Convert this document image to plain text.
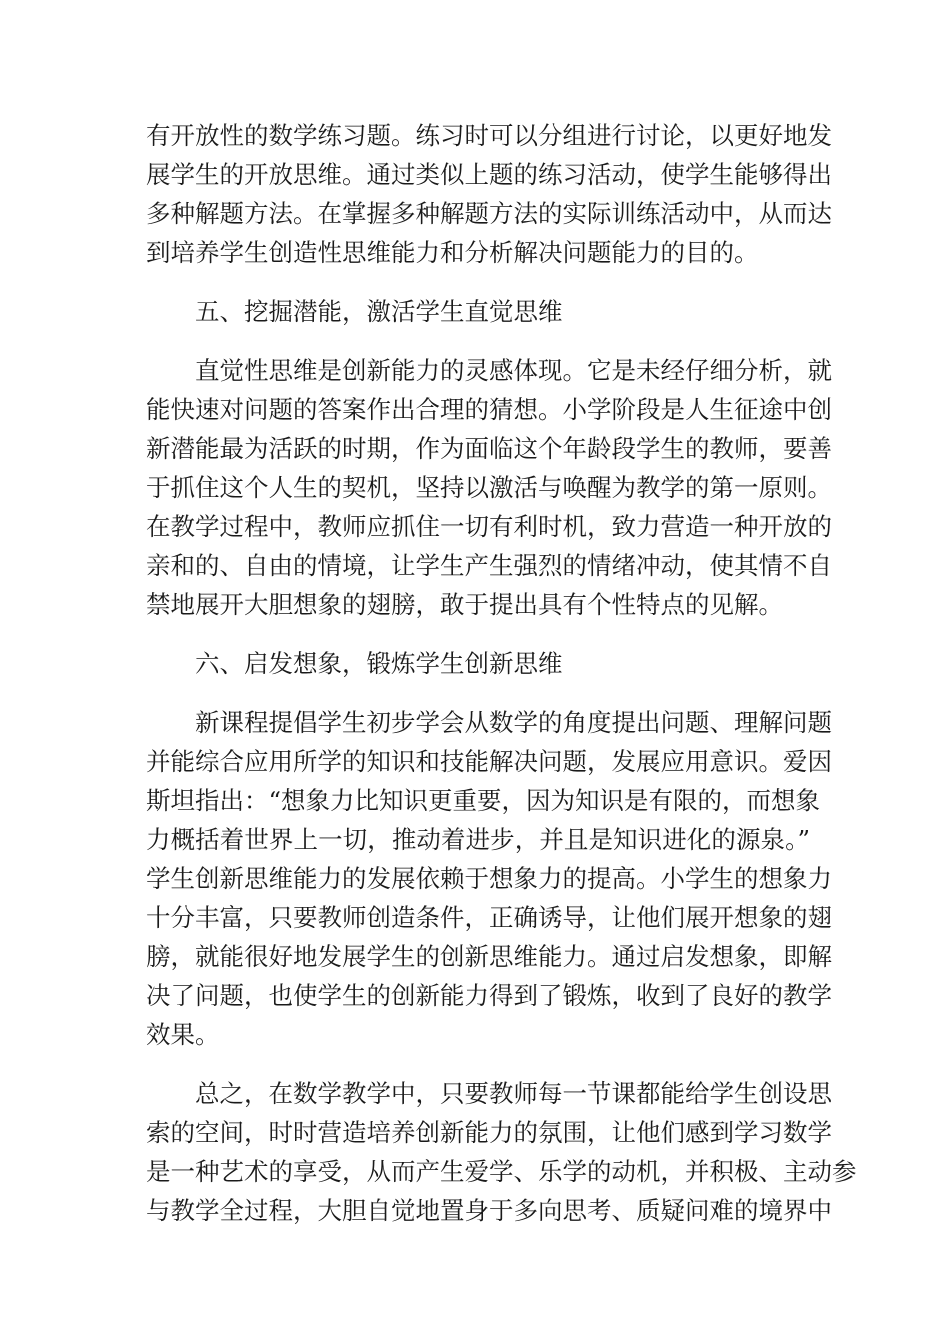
有开放性的数学练习题。练习时可以分组进行讨论，以更好地发
展学生的开放思维。通过类似上题的练习活动，使学生能够得出
多种解题方法。在掌握多种解题方法的实际训练活动中，从而达
到培养学生创造性思维能力和分析解决问题能力的目的。

五、挖掘潜能，激活学生直觉思维

直觉性思维是创新能力的灵感体现。它是未经仔细分析，就
能快速对问题的答案作出合理的猜想。小学阶段是人生征途中创
新潜能最为活跃的时期，作为面临这个年龄段学生的教师，要善
于抓住这个人生的契机，坚持以激活与唤醒为教学的第一原则。
在教学过程中，教师应抓住一切有利时机，致力营造一种开放的
亲和的、自由的情境，让学生产生强烈的情绪冲动，使其情不自
禁地展开大胆想象的翅膀，敢于提出具有个性特点的见解。

六、启发想象，锻炼学生创新思维

新课程提倡学生初步学会从数学的角度提出问题、理解问题
并能综合应用所学的知识和技能解决问题，发展应用意识。爱因
斯坦指出：“想象力比知识更重要，因为知识是有限的，而想象
力概括着世界上一切，推动着进步，并且是知识进化的源泉。”
学生创新思维能力的发展依赖于想象力的提高。小学生的想象力
十分丰富，只要教师创造条件，正确诱导，让他们展开想象的翅
膀，就能很好地发展学生的创新思维能力。通过启发想象，即解
决了问题，也使学生的创新能力得到了锻炼，收到了良好的教学
效果。

总之，在数学教学中，只要教师每一节课都能给学生创设思
索的空间，时时营造培养创新能力的氛围，让他们感到学习数学
是一种艺术的享受，从而产生爱学、乐学的动机，并积极、主动参
与教学全过程，大胆自觉地置身于多向思考、质疑问难的境界中
